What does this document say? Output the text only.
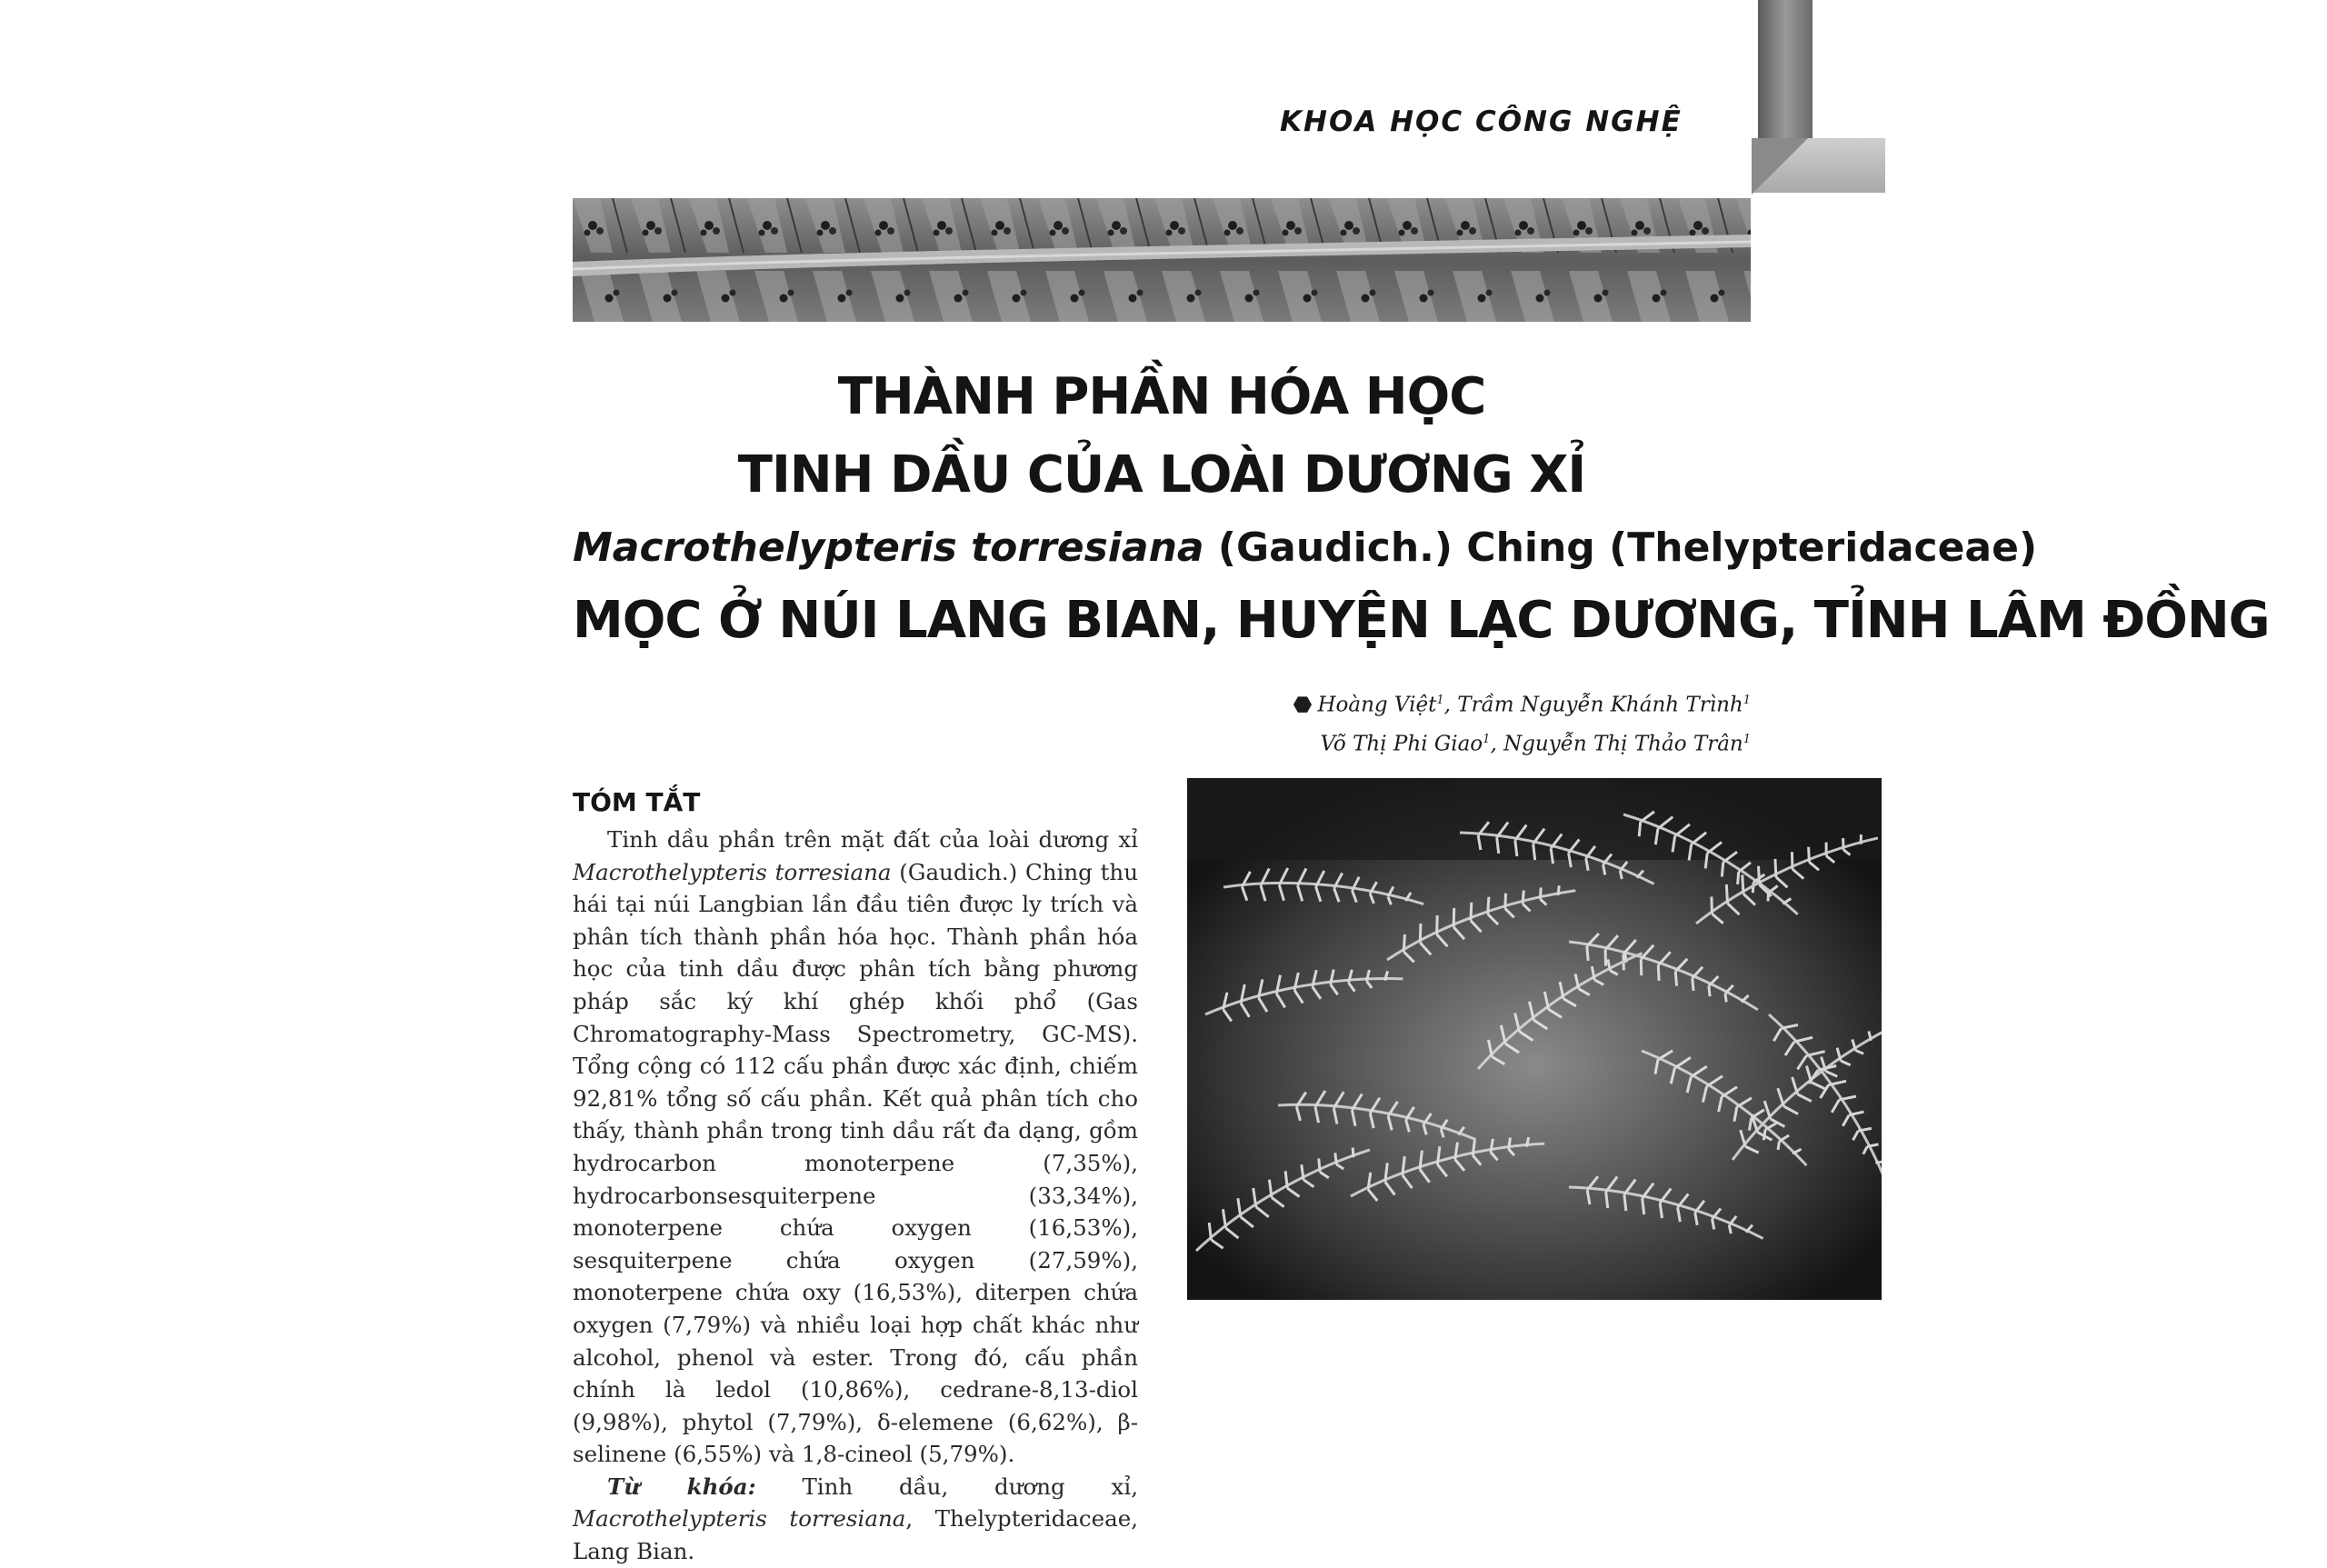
KHOA HỌC CÔNG NGHỆ
THÀNH PHẦN HÓA HỌC
TINH DẦU CỦA LOÀI DƯƠNG XỈ
Macrothelypteris torresiana (Gaudich.) Ching (Thelypteridaceae)
MỌC Ở NÚI LANG BIAN, HUYỆN LẠC DƯƠNG, TỈNH LÂM ĐỒNG
⬣ Hoàng Việt$^1$, Trầm Nguyễn Khánh Trình$^1$
Võ Thị Phi Giao$^1$, Nguyễn Thị Thảo Trân$^1$
TÓM TẮT

Tinh dầu phần trên mặt đất của loài dương xỉ Macrothelypteris torresiana (Gaudich.) Ching thu hái tại núi Langbian lần đầu tiên được ly trích và phân tích thành phần hóa học. Thành phần hóa học của tinh dầu được phân tích bằng phương pháp sắc ký khí ghép khối phổ (Gas Chromatography-Mass Spectrometry, GC-MS). Tổng cộng có 112 cấu phần được xác định, chiếm 92,81% tổng số cấu phần. Kết quả phân tích cho thấy, thành phần trong tinh dầu rất đa dạng, gồm hydrocarbon monoterpene (7,35%), hydrocarbonsesquiterpene (33,34%), monoterpene chứa oxygen (16,53%), sesquiterpene chứa oxygen (27,59%), monoterpene chứa oxy (16,53%), diterpen chứa oxygen (7,79%) và nhiều loại hợp chất khác như alcohol, phenol và ester. Trong đó, cấu phần chính là ledol (10,86%), cedrane-8,13-diol (9,98%), phytol (7,79%), δ-elemene (6,62%), β-selinene (6,55%) và 1,8-cineol (5,79%).

Từ khóa: Tinh dầu, dương xỉ, Macrothelypteris torresiana, Thelypteridaceae, Lang Bian.
